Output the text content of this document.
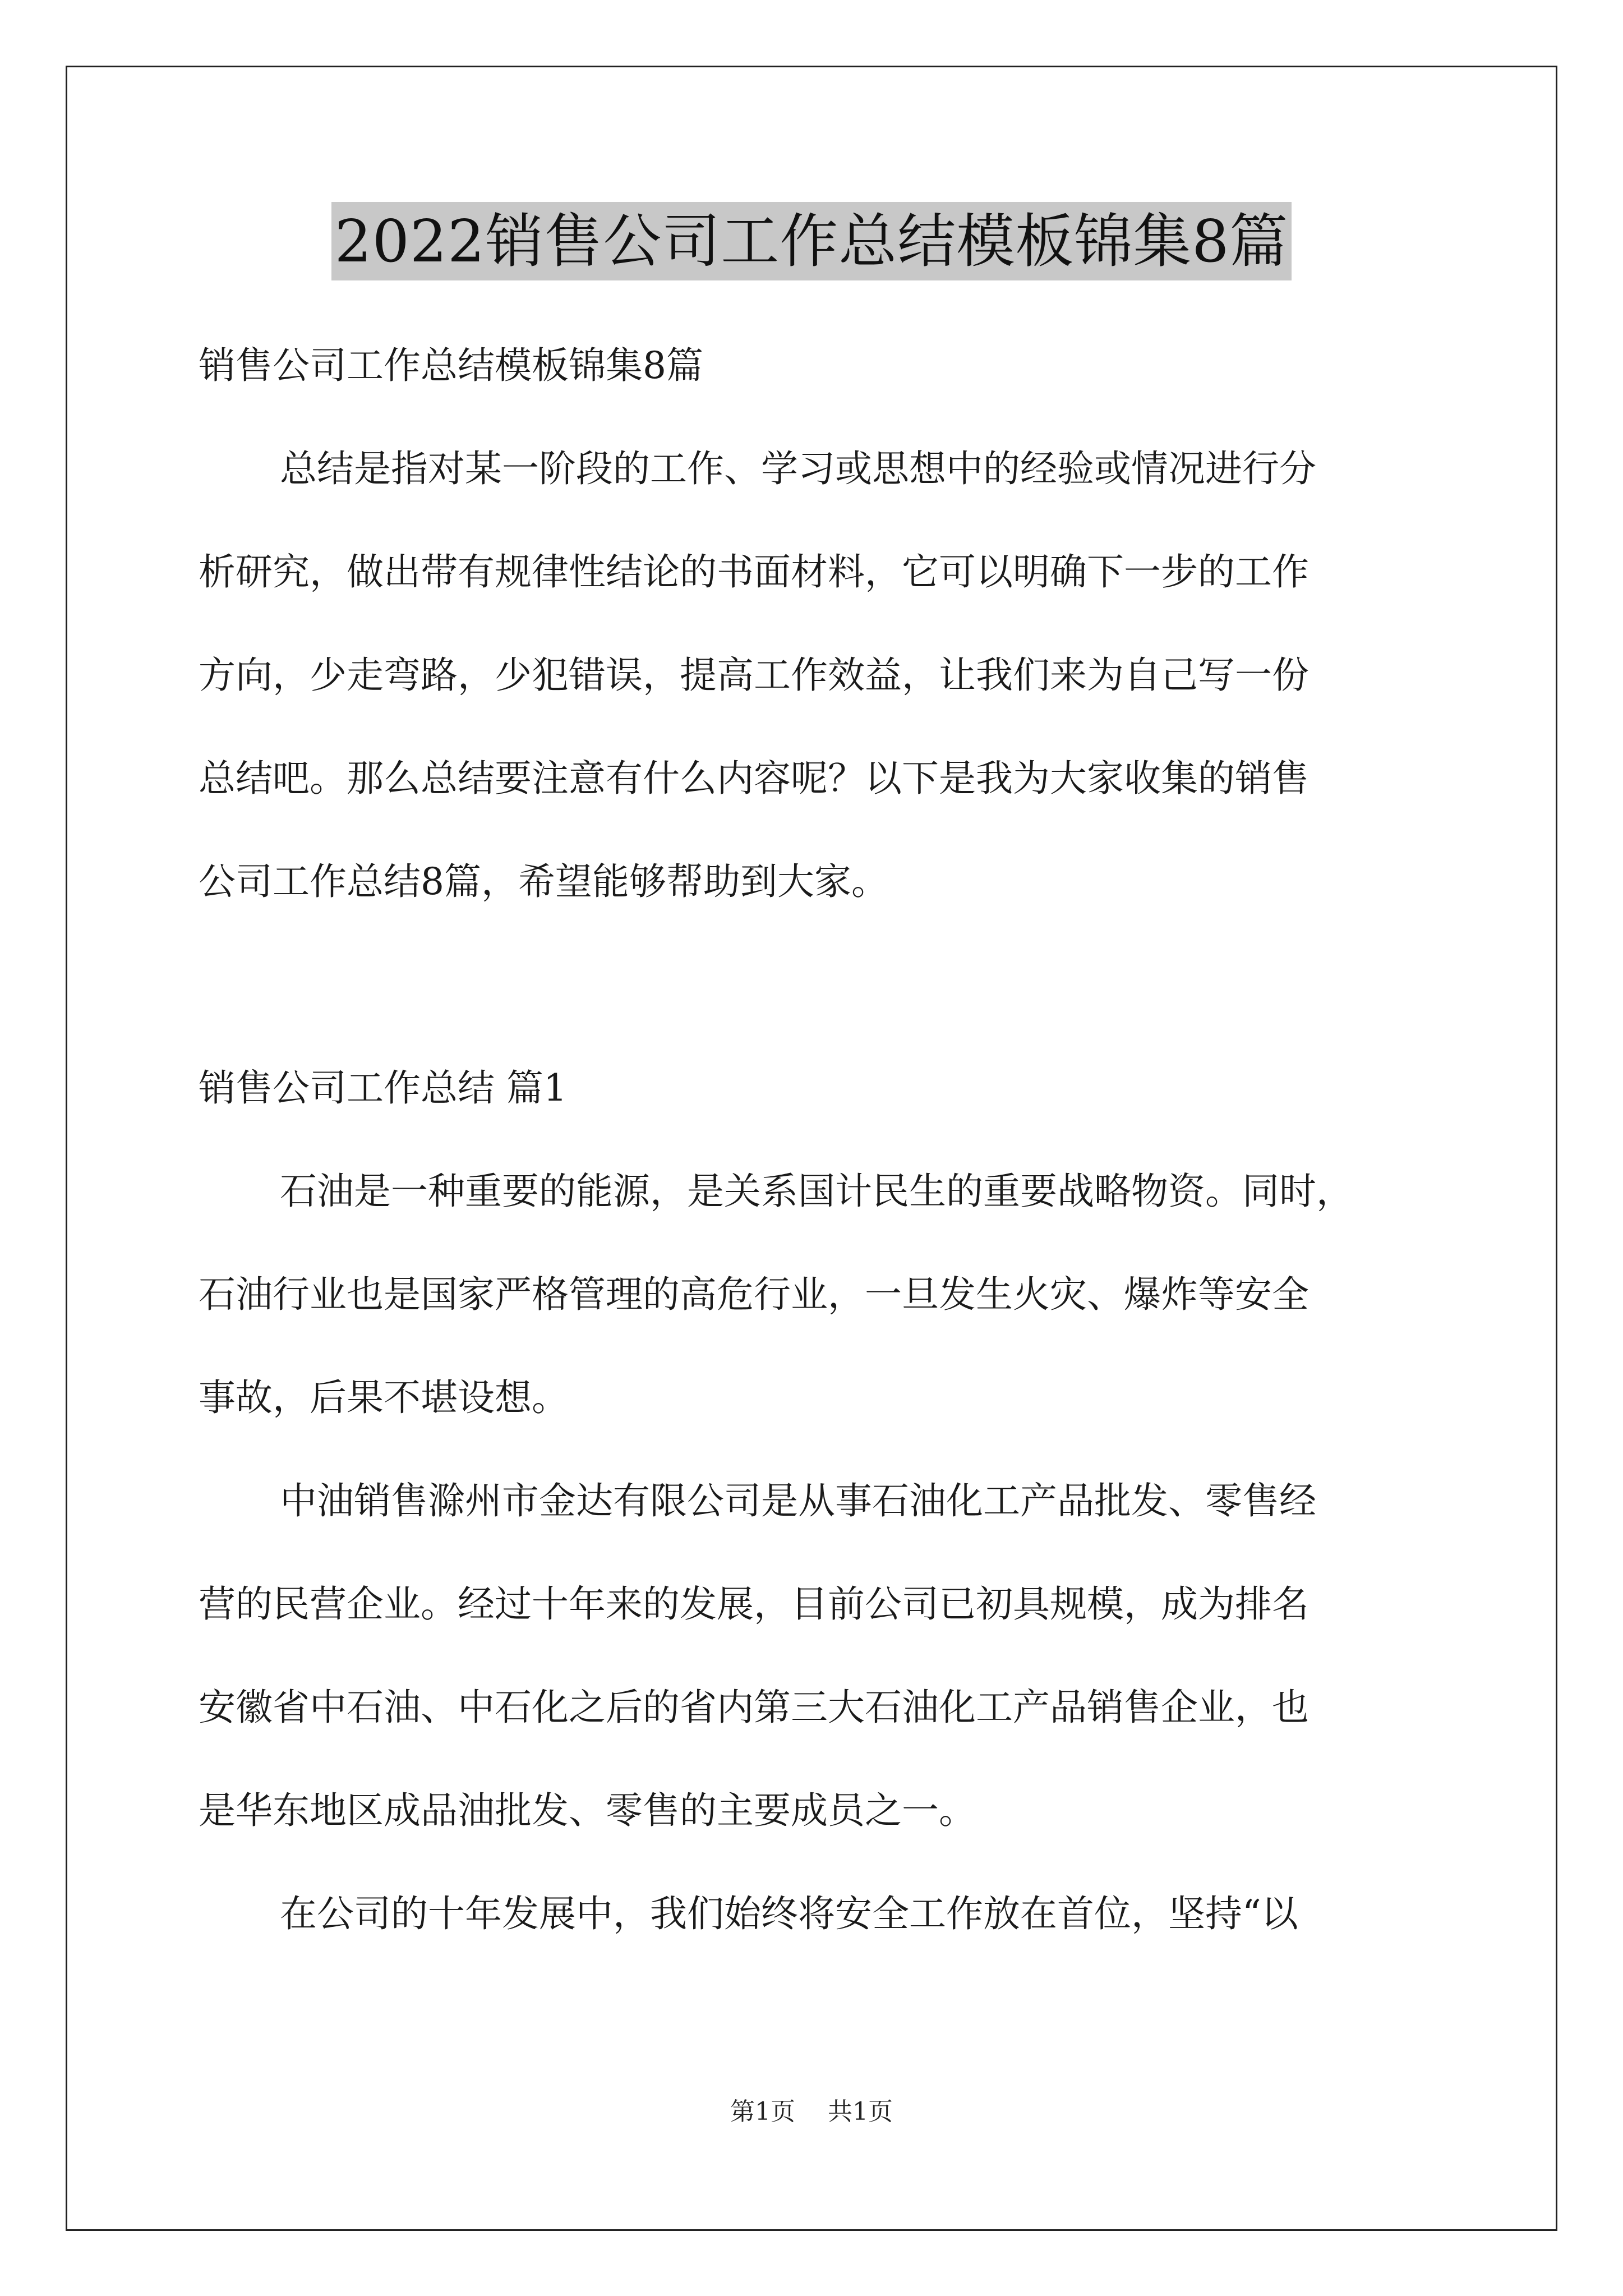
2022销售公司工作总结模板锦集8篇
销售公司工作总结模板锦集8篇
总结是指对某一阶段的工作、学习或思想中的经验或情况进行分
析研究，做出带有规律性结论的书面材料，它可以明确下一步的工作
方向，少走弯路，少犯错误，提高工作效益，让我们来为自己写一份
总结吧。那么总结要注意有什么内容呢？以下是我为大家收集的销售
公司工作总结8篇，希望能够帮助到大家。
销售公司工作总结 篇1
石油是一种重要的能源，是关系国计民生的重要战略物资。同时，
石油行业也是国家严格管理的高危行业，一旦发生火灾、爆炸等安全
事故，后果不堪设想。
中油销售滁州市金达有限公司是从事石油化工产品批发、零售经
营的民营企业。经过十年来的发展，目前公司已初具规模，成为排名
安徽省中石油、中石化之后的省内第三大石油化工产品销售企业，也
是华东地区成品油批发、零售的主要成员之一。
在公司的十年发展中，我们始终将安全工作放在首位，坚持“以
第1页 共1页
